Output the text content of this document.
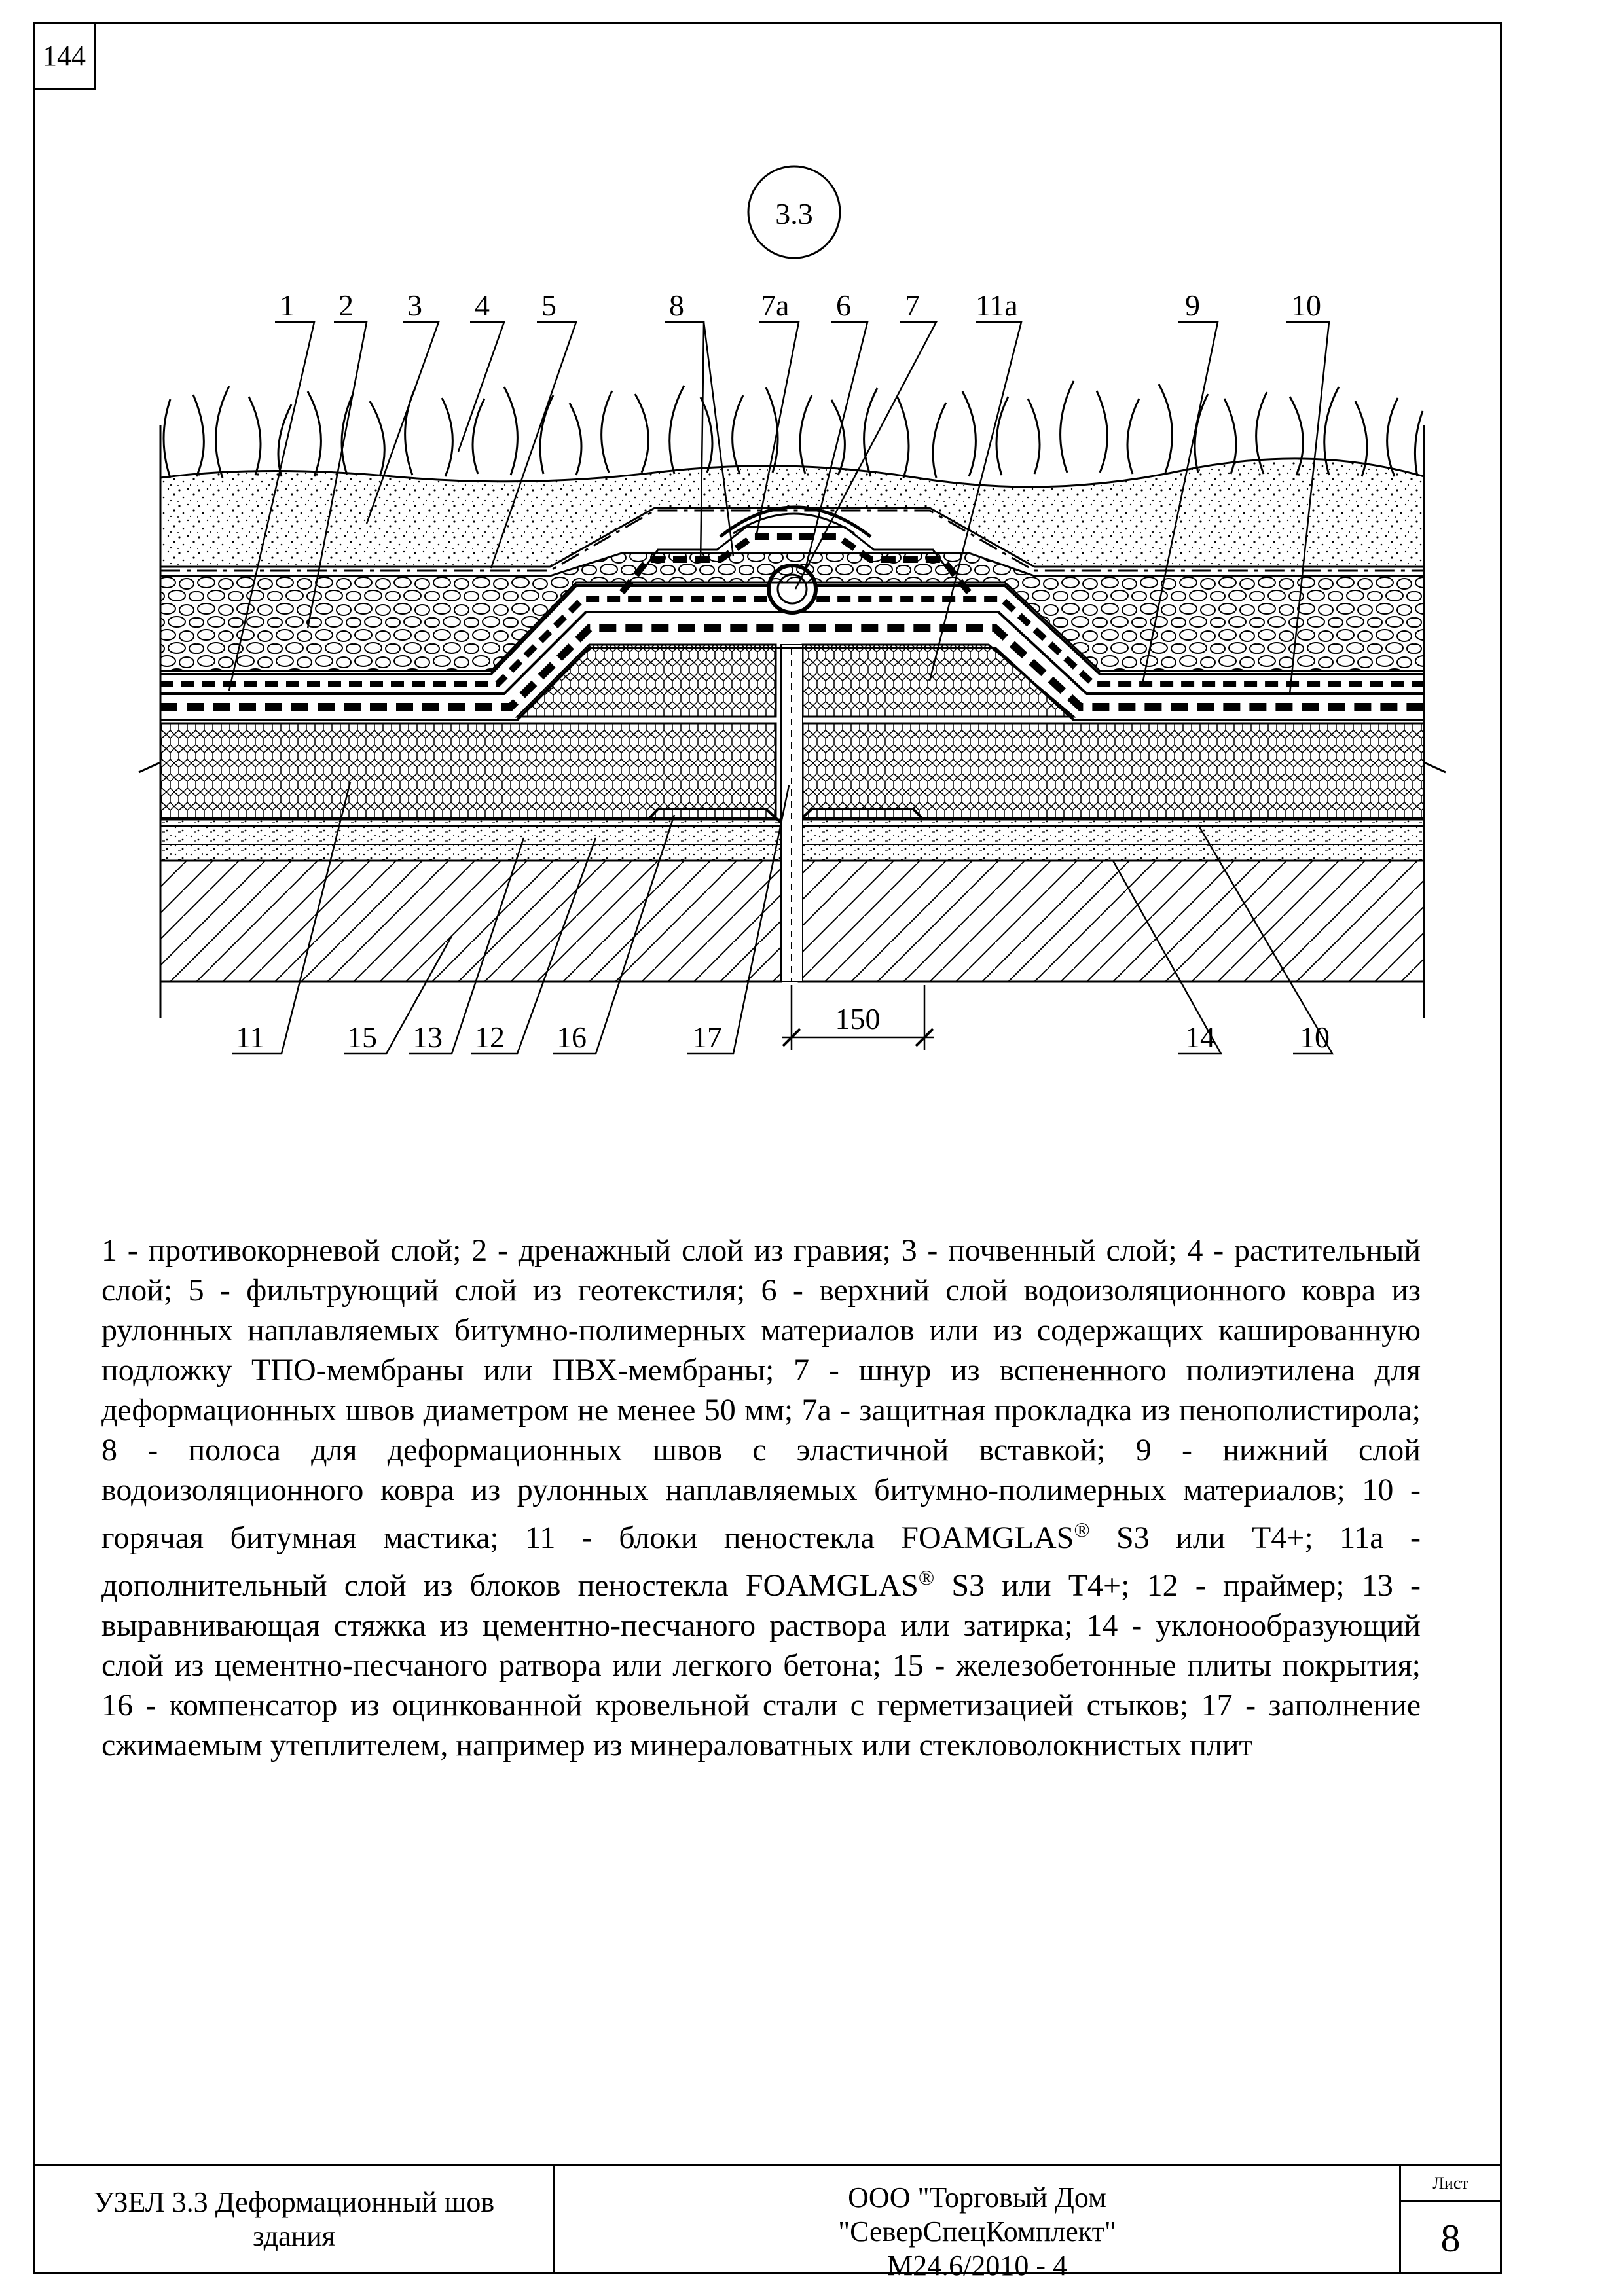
144
3.3
1 2 3 4 5	8	7а 6 7 11а	9	10
11	15 13 12 16	17	14	10
150
1 - противокорневой слой; 2 - дренажный слой из гравия; 3 - почвенный слой; 4 - растительный слой; 5 - фильтрующий слой из геотекстиля; 6 - верхний слой водоизоляционного ковра из рулонных наплавляемых битумно-полимерных материалов или из содержащих кашированную подложку ТПО-мембраны или ПВХ-мембраны; 7 - шнур из вспененного полиэтилена для деформационных швов диаметром не менее 50 мм; 7а - защитная прокладка из пенополистирола; 8 - полоса для деформационных швов с эластичной вставкой; 9 - нижний слой водоизоляционного ковра из рулонных наплавляемых битумно-полимерных материалов; 10 - горячая битумная мастика; 11 - блоки пеностекла FOAMGLAS® S3 или Т4+; 11а - дополнительный слой из блоков пеностекла FOAMGLAS® S3 или Т4+; 12 - праймер; 13 - выравнивающая стяжка из цементно-песчаного раствора или затирка; 14 - уклонообразующий слой из цементно-песчаного ратвора или легкого бетона; 15 - железобетонные плиты покрытия; 16 - компенсатор из оцинкованной кровельной стали с герметизацией стыков; 17 - заполнение сжимаемым утеплителем, например из минераловатных или стекловолокнистых плит
УЗЕЛ 3.3 Деформационный шов здания
ООО "Торговый Дом
"СеверСпецКомплект"
М24.6/2010 - 4
Лист
8
